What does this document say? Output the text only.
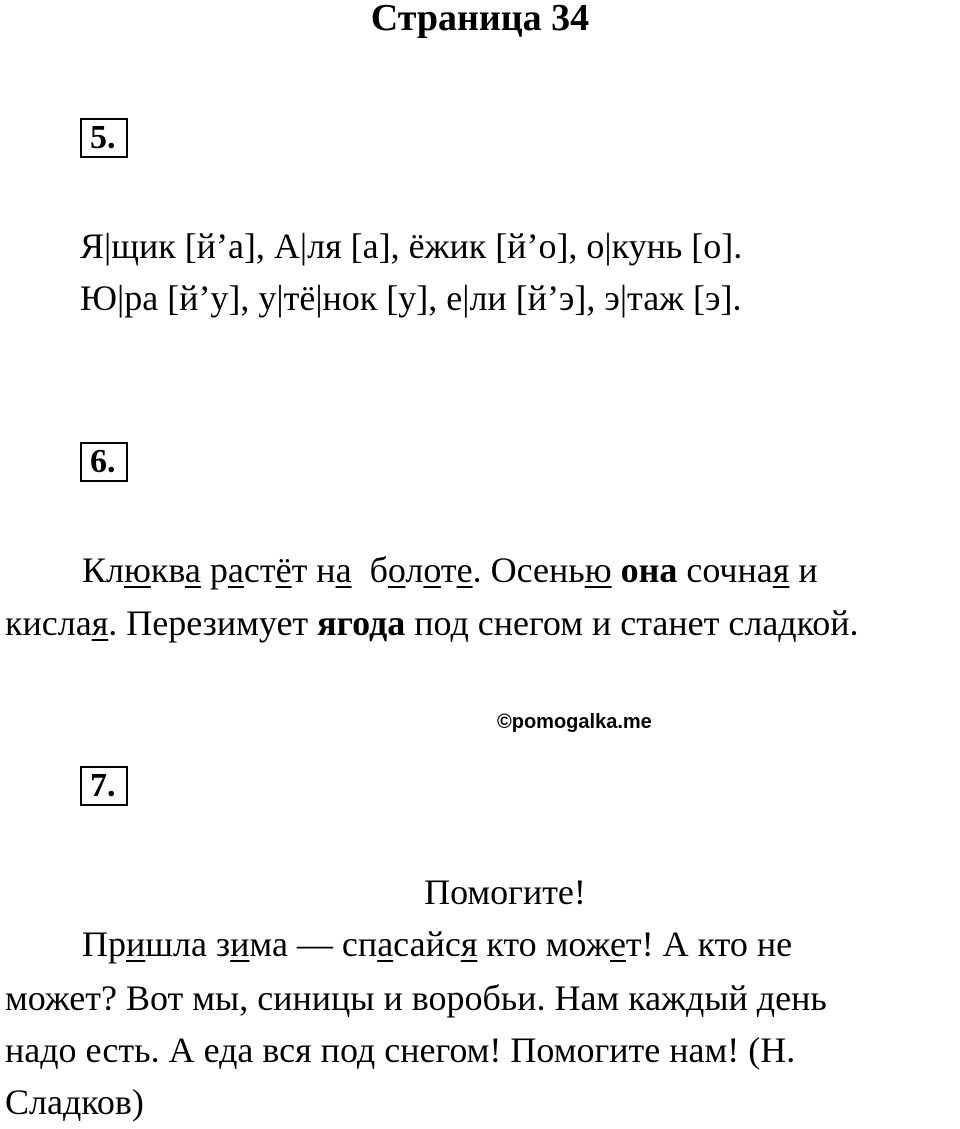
Страница 34
5.
Я|щик [й’а], А|ля [а], ёжик [й’о], о|кунь [о].
Ю|ра [й’у], у|тё|нок [у], е|ли [й’э], э|таж [э].
6.
Клюква растёт на  болоте. Осенью она сочная и
кислая. Перезимует ягода под снегом и станет сладкой.
©pomogalka.me
7.
Помогите!
Пришла зима — спасайся кто может! А кто не
может? Вот мы, синицы и воробьи. Нам каждый день
надо есть. А еда вся под снегом! Помогите нам! (Н.
Сладков)
